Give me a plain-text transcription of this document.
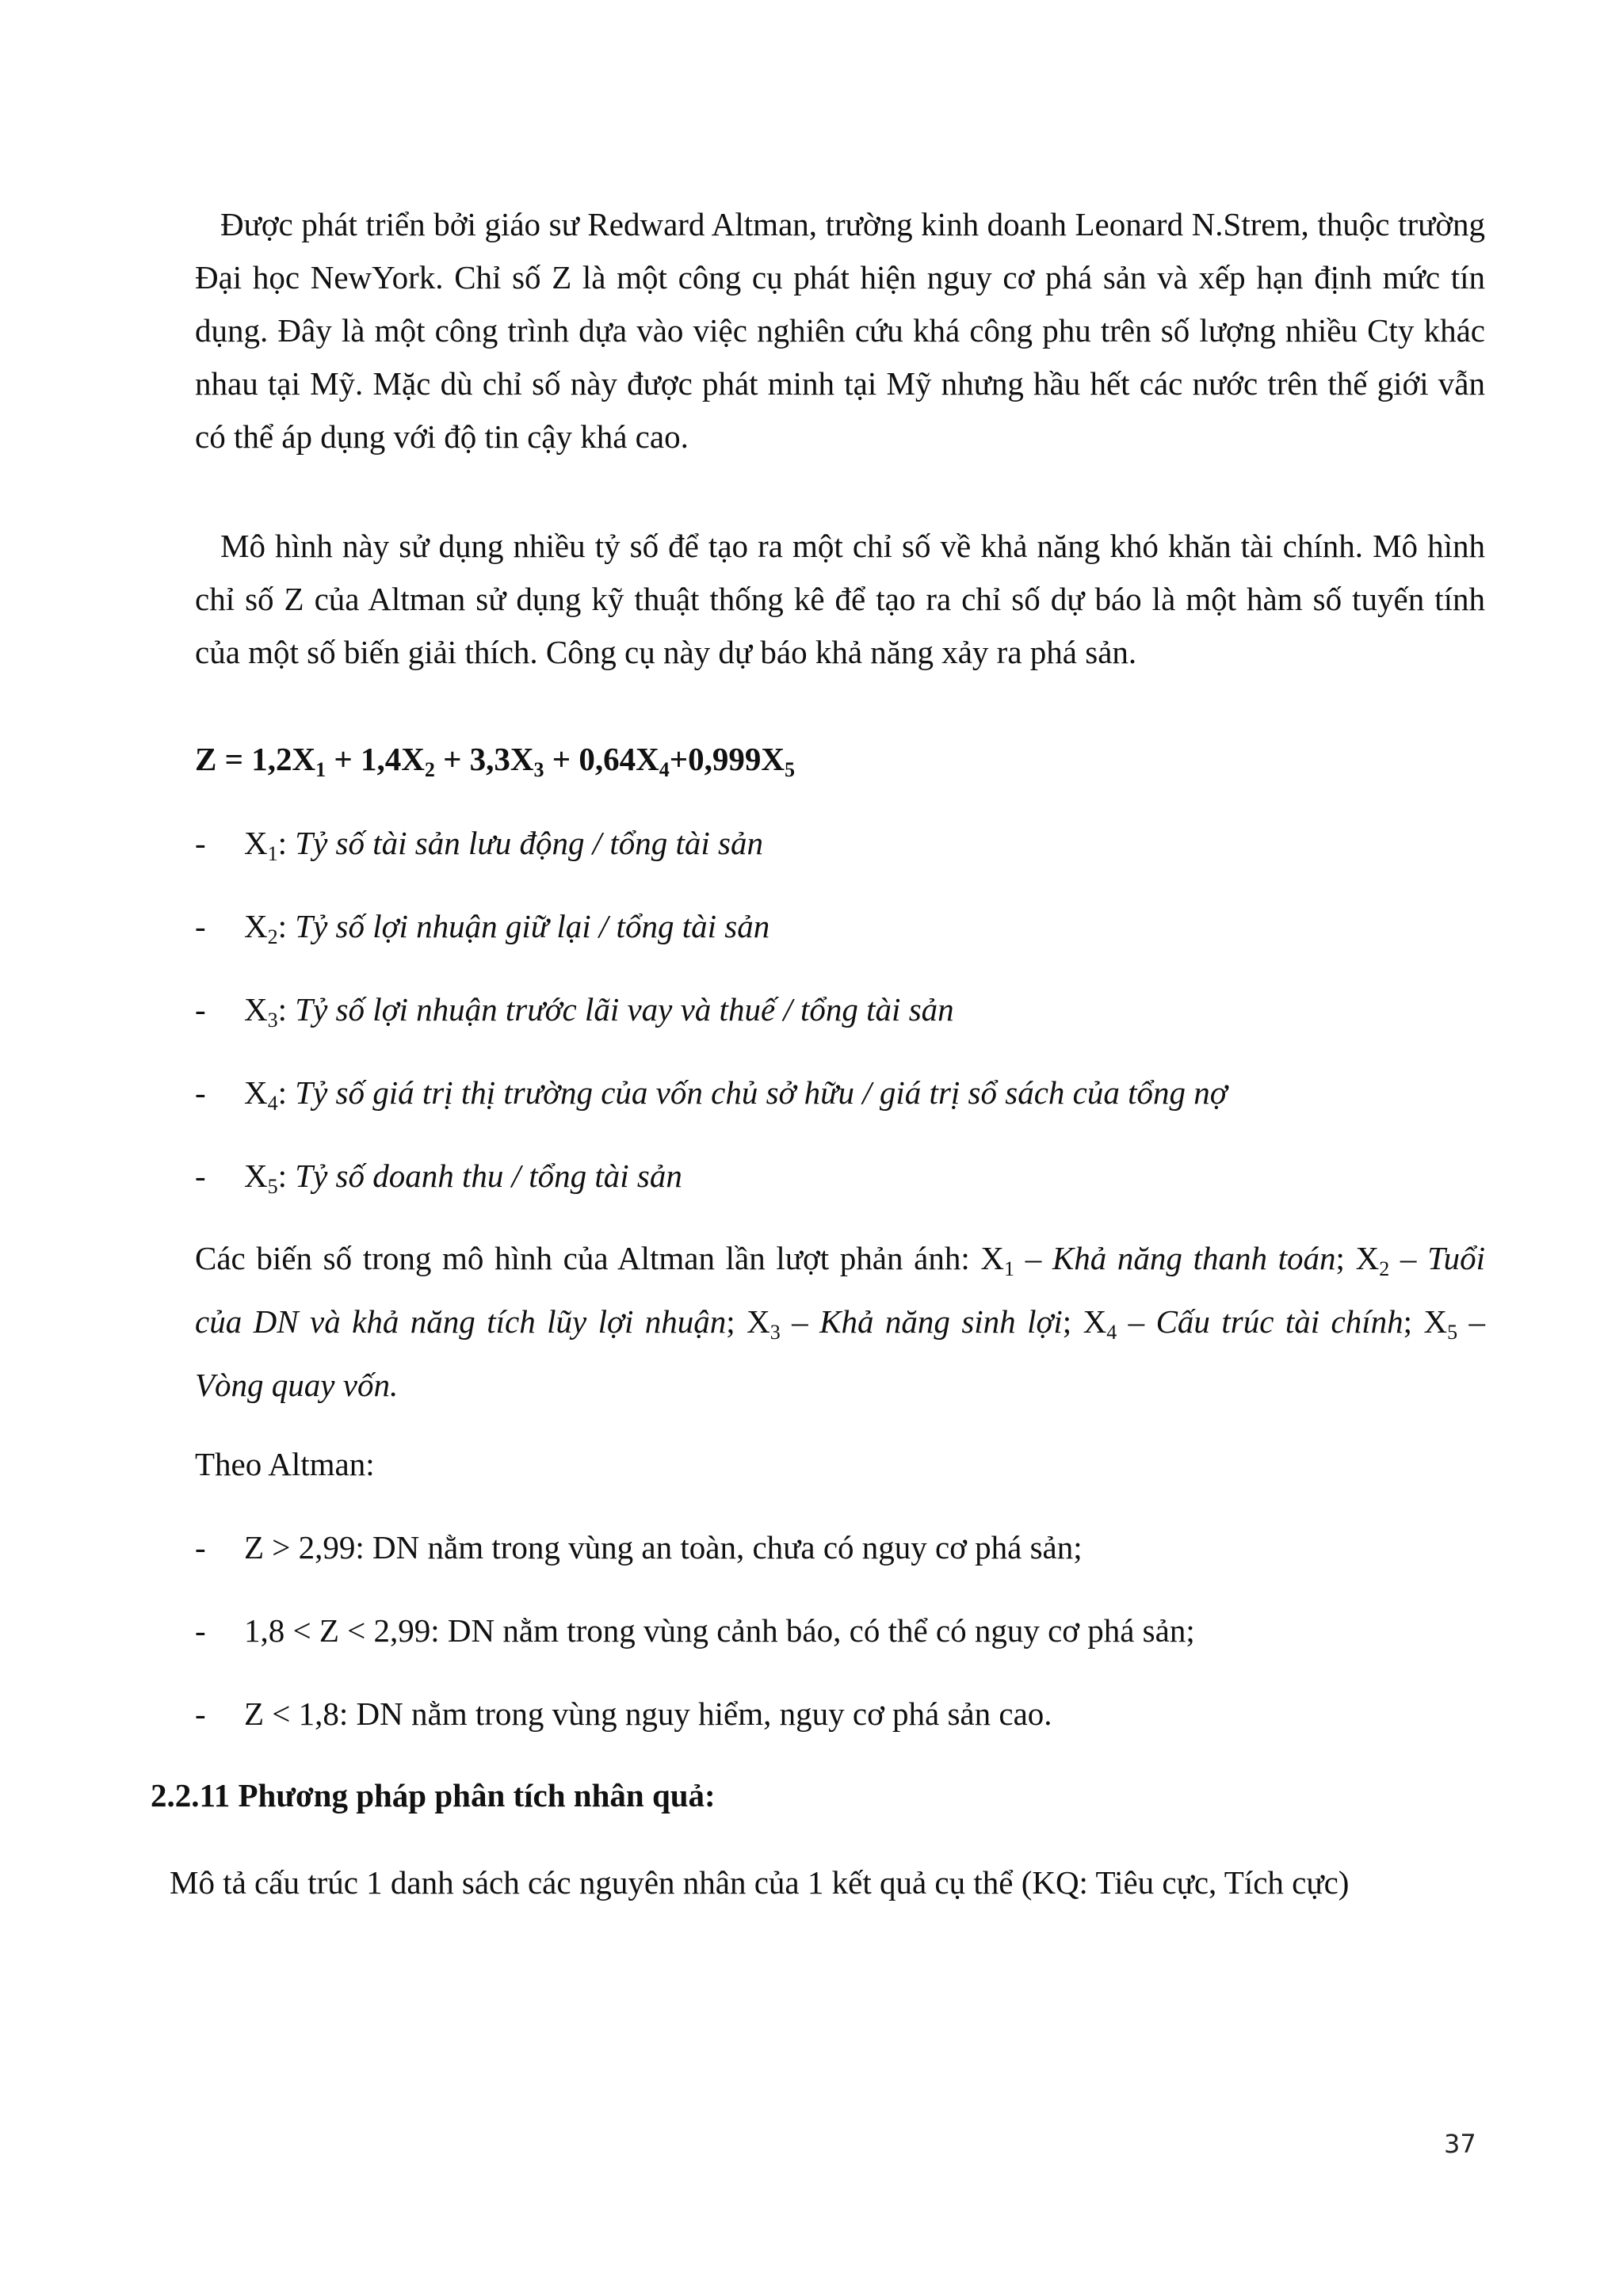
Được phát triển bởi giáo sư Redward Altman, trường kinh doanh Leonard N.Strem, thuộc trường Đại học NewYork. Chỉ số Z là một công cụ phát hiện nguy cơ phá sản và xếp hạn định mức tín dụng. Đây là một công trình dựa vào việc nghiên cứu khá công phu trên số lượng nhiều Cty khác nhau tại Mỹ. Mặc dù chỉ số này được phát minh tại Mỹ nhưng hầu hết các nước trên thế giới vẫn có thể áp dụng với độ tin cậy khá cao.

Mô hình này sử dụng nhiều tỷ số để tạo ra một chỉ số về khả năng khó khăn tài chính. Mô hình chỉ số Z của Altman sử dụng kỹ thuật thống kê để tạo ra chỉ số dự báo là một hàm số tuyến tính của một số biến giải thích. Công cụ này dự báo khả năng xảy ra phá sản.

$Z = 1,2X_1 + 1,4X_2 + 3,3X_3 + 0,64X_4+0,999X_5$
- $X_1$: Tỷ số tài sản lưu động / tổng tài sản
- $X_2$: Tỷ số lợi nhuận giữ lại / tổng tài sản
- $X_3$: Tỷ số lợi nhuận trước lãi vay và thuế / tổng tài sản
- $X_4$: Tỷ số giá trị thị trường của vốn chủ sở hữu / giá trị sổ sách của tổng nợ
- $X_5$: Tỷ số doanh thu / tổng tài sản

Các biến số trong mô hình của Altman lần lượt phản ánh: $X_1$ – Khả năng thanh toán; $X_2$ – Tuổi của DN và khả năng tích lũy lợi nhuận; $X_3$ – Khả năng sinh lợi; $X_4$ – Cấu trúc tài chính; $X_5$ – Vòng quay vốn.

Theo Altman:
- Z > 2,99: DN nằm trong vùng an toàn, chưa có nguy cơ phá sản;
- 1,8 < Z < 2,99: DN nằm trong vùng cảnh báo, có thể có nguy cơ phá sản;
- Z < 1,8: DN nằm trong vùng nguy hiểm, nguy cơ phá sản cao.
2.2.11 Phương pháp phân tích nhân quả:
Mô tả cấu trúc 1 danh sách các nguyên nhân của 1 kết quả cụ thể (KQ: Tiêu cực, Tích cực)
37
